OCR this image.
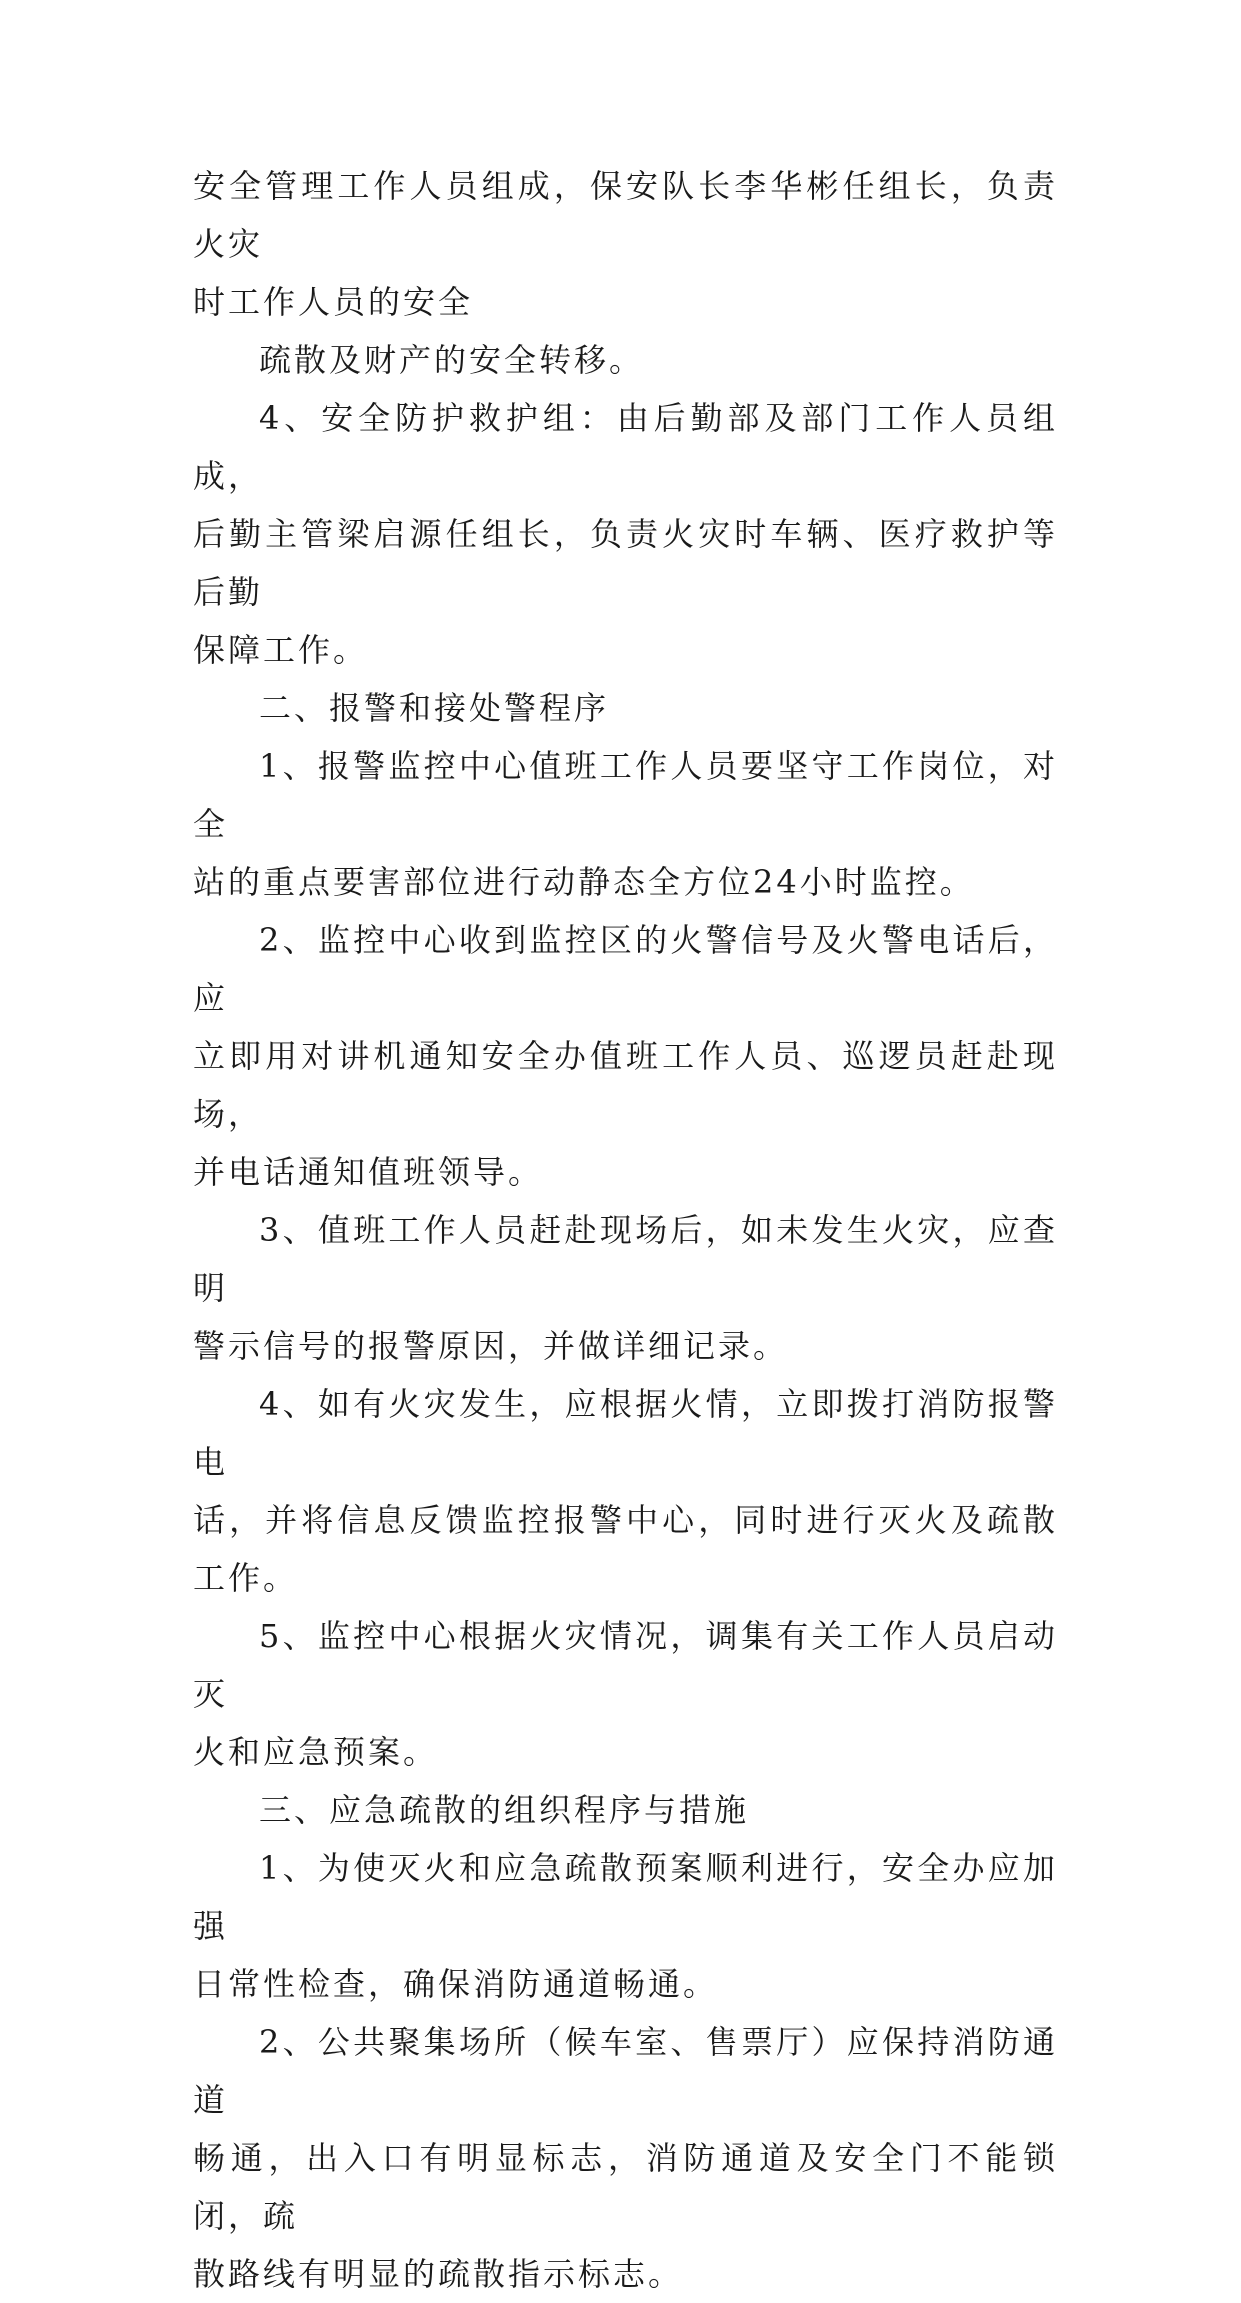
安全管理工作人员组成，保安队长李华彬任组长，负责火灾
时工作人员的安全

疏散及财产的安全转移。

4、安全防护救护组：由后勤部及部门工作人员组成，
后勤主管梁启源任组长，负责火灾时车辆、医疗救护等后勤
保障工作。

二、报警和接处警程序

1、报警监控中心值班工作人员要坚守工作岗位，对全
站的重点要害部位进行动静态全方位24小时监控。

2、监控中心收到监控区的火警信号及火警电话后，应
立即用对讲机通知安全办值班工作人员、巡逻员赶赴现场，
并电话通知值班领导。

3、值班工作人员赶赴现场后，如未发生火灾，应查明
警示信号的报警原因，并做详细记录。

4、如有火灾发生，应根据火情，立即拨打消防报警电
话，并将信息反馈监控报警中心，同时进行灭火及疏散工作。

5、监控中心根据火灾情况，调集有关工作人员启动灭
火和应急预案。

三、应急疏散的组织程序与措施

1、为使灭火和应急疏散预案顺利进行，安全办应加强
日常性检查，确保消防通道畅通。

2、公共聚集场所（候车室、售票厅）应保持消防通道
畅通，出入口有明显标志，消防通道及安全门不能锁闭，疏
散路线有明显的疏散指示标志。
